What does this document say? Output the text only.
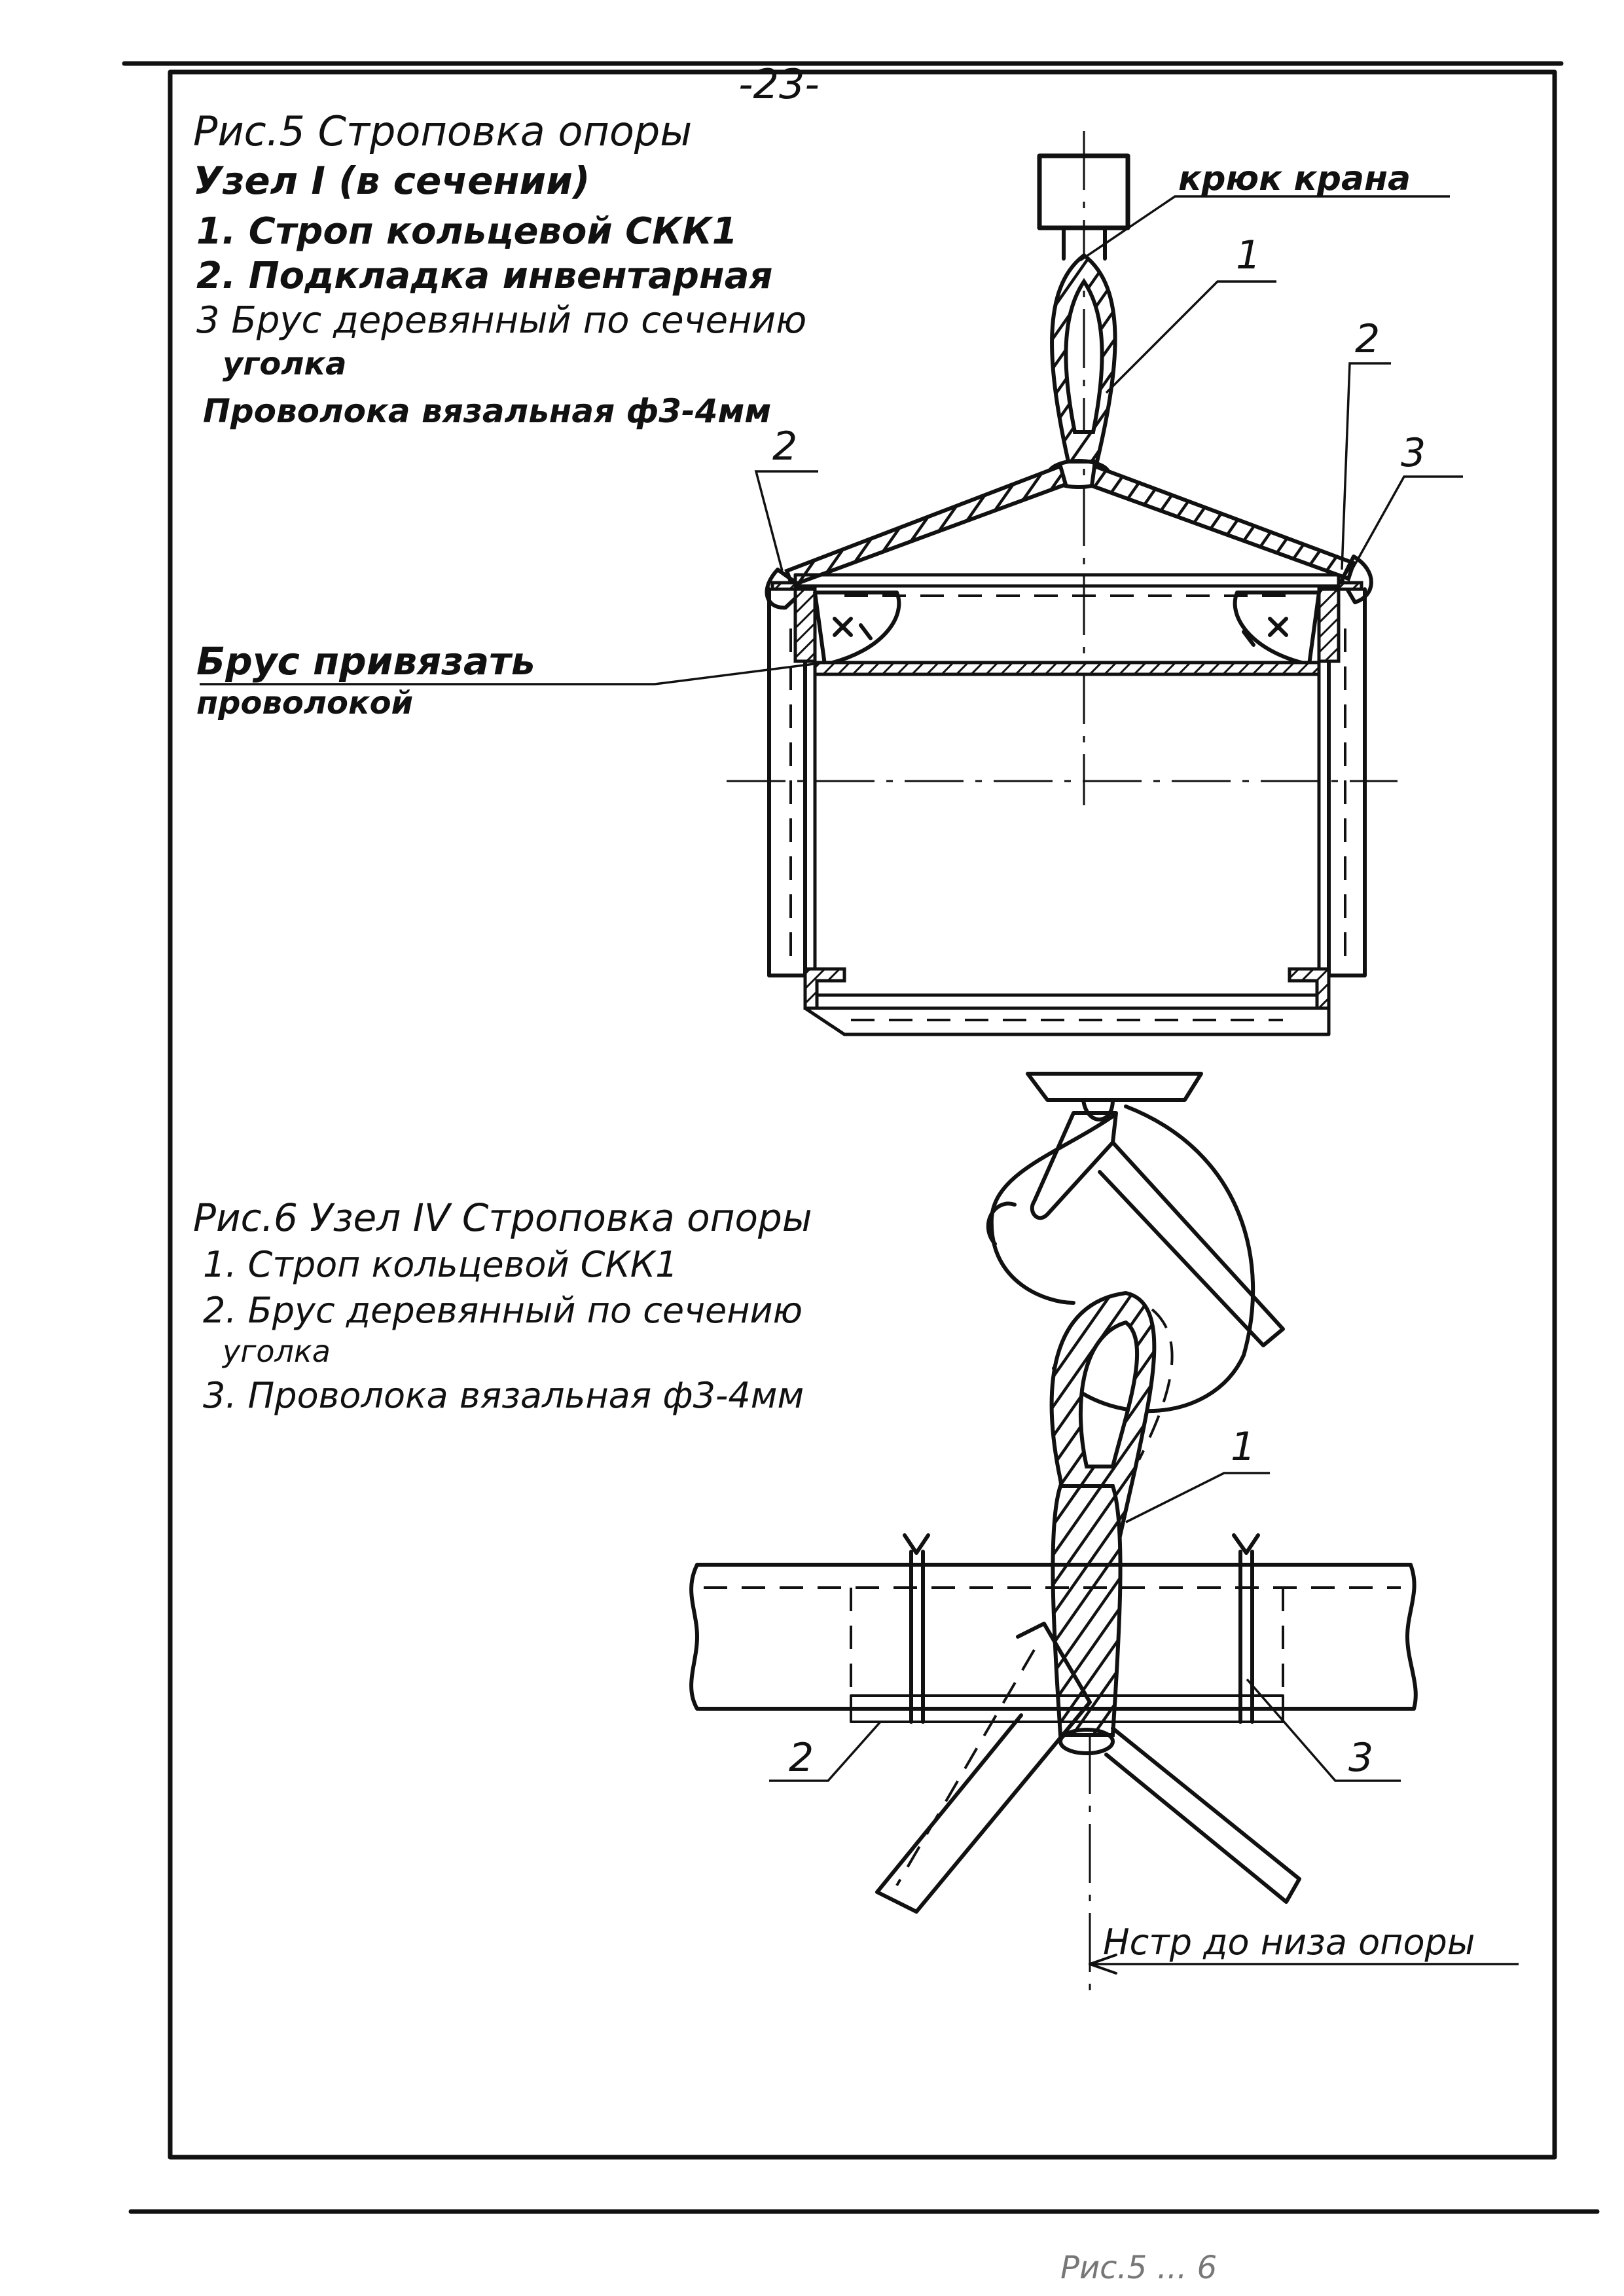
-23-
Рис.5 Строповка опоры
Узел I (в сечении)
1. Строп кольцевой СКК1
2. Подкладка инвентарная
3 Брус деревянный по сечению
уголка
Проволока вязальная ф3-4мм
крюк крана
1
2
2
3
Брус привязать
проволокой
Рис.6 Узел IV Строповка опоры
1. Строп кольцевой СКК1
2. Брус деревянный по сечению
уголка
3. Проволока вязальная ф3-4мм
1
2	3
Нстр до низа опоры
Рис.5 ... 6
